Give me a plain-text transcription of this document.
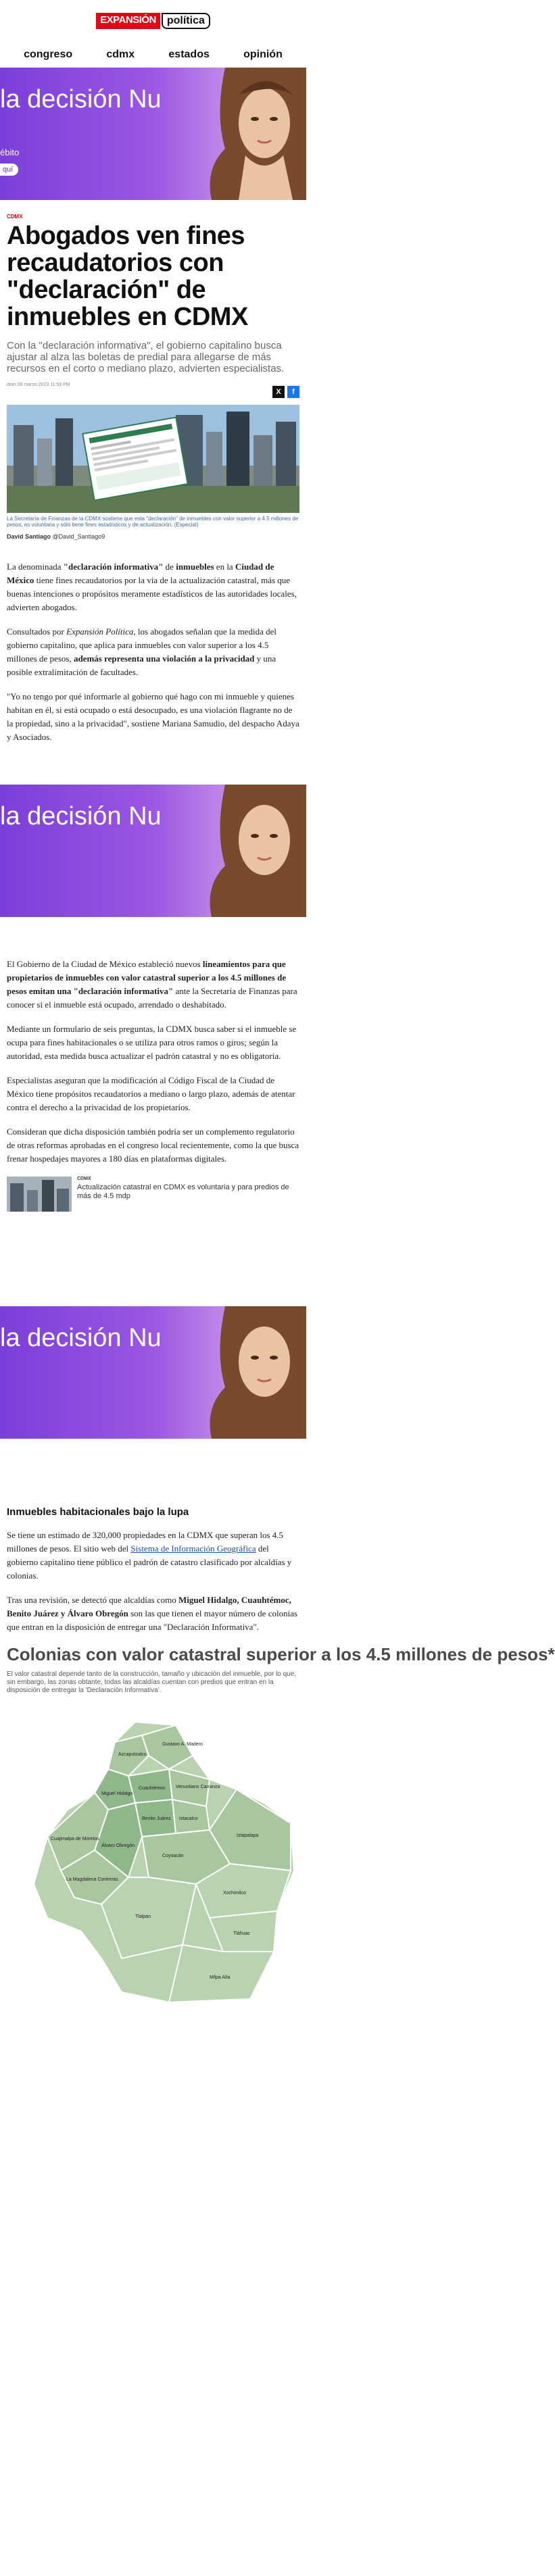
EXPANSIÓN	política
congreso	cdmx	estados	opinión
la decisión Nu
ébito
quí
CDMX
Abogados ven fines recaudatorios con "declaración" de inmuebles en CDMX

Con la "declaración informativa", el gobierno capitalino busca ajustar al alza las boletas de predial para allegarse de más recursos en el corto o mediano plazo, advierten especialistas.

dom 08 marzo 2023 11:59 PM
X	f

La Secretaría de Finanzas de la CDMX sostiene que esta "declaración" de inmuebles con valor superior a 4.5 millones de pesos, es voluntaria y sólo tiene fines estadísticos y de actualización. (Especial)

David Santiago @David_Santiago9

La denominada "declaración informativa" de inmuebles en la Ciudad de México tiene fines recaudatorios por la vía de la actualización catastral, más que buenas intenciones o propósitos meramente estadísticos de las autoridades locales, advierten abogados.

Consultados por Expansión Política, los abogados señalan que la medida del gobierno capitalino, que aplica para inmuebles con valor superior a los 4.5 millones de pesos, además representa una violación a la privacidad y una posible extralimitación de facultades.

"Yo no tengo por qué informarle al gobierno qué hago con mi inmueble y quienes habitan en él, si está ocupado o está desocupado, es una violación flagrante no de la propiedad, sino a la privacidad", sostiene Mariana Samudio, del despacho Adaya y Asociados.

la decisión Nu

El Gobierno de la Ciudad de México estableció nuevos lineamientos para que propietarios de inmuebles con valor catastral superior a los 4.5 millones de pesos emitan una "declaración informativa" ante la Secretaría de Finanzas para conocer si el inmueble está ocupado, arrendado o deshabitado.

Mediante un formulario de seis preguntas, la CDMX busca saber si el inmueble se ocupa para fines habitacionales o se utiliza para otros ramos o giros; según la autoridad, esta medida busca actualizar el padrón catastral y no es obligatoria.

Especialistas aseguran que la modificación al Código Fiscal de la Ciudad de México tiene propósitos recaudatorios a mediano o largo plazo, además de atentar contra el derecho a la privacidad de los propietarios.

Consideran que dicha disposición también podría ser un complemento regulatorio de otras reformas aprobadas en el congreso local recientemente, como la que busca frenar hospedajes mayores a 180 días en plataformas digitales.

CDMX
Actualización catastral en CDMX es voluntaria y para predios de más de 4.5 mdp
la decisión Nu
Inmuebles habitacionales bajo la lupa

Se tiene un estimado de 320,000 propiedades en la CDMX que superan los 4.5 millones de pesos. El sitio web del Sistema de Información Geográfica del gobierno capitalino tiene público el padrón de catastro clasificado por alcaldías y colonias.

Tras una revisión, se detectó que alcaldías como Miguel Hidalgo, Cuauhtémoc, Benito Juárez y Álvaro Obregón son las que tienen el mayor número de colonias que entran en la disposición de entregar una "Declaración Informativa".

Colonias con valor catastral superior a los 4.5 millones de pesos*

El valor catastral depende tanto de la construcción, tamaño y ubicación del inmueble, por lo que, sin embargo, las zonas obtante, todas las alcaldías cuentan con predios que entran en la disposición de entregar la 'Declaración Informativa'.

Gustavo A. Madero
Azcapotzalco
Miguel Hidalgo
Cuauhtémoc Venustiano Carranza
Benito Juárez Iztacalco
Cuajimalpa de Morelos
Álvaro Obregón
Iztapalapa
Coyoacán
La Magdalena Contreras
Tlalpan
Xochimilco
Tláhuac
Milpa Alta
